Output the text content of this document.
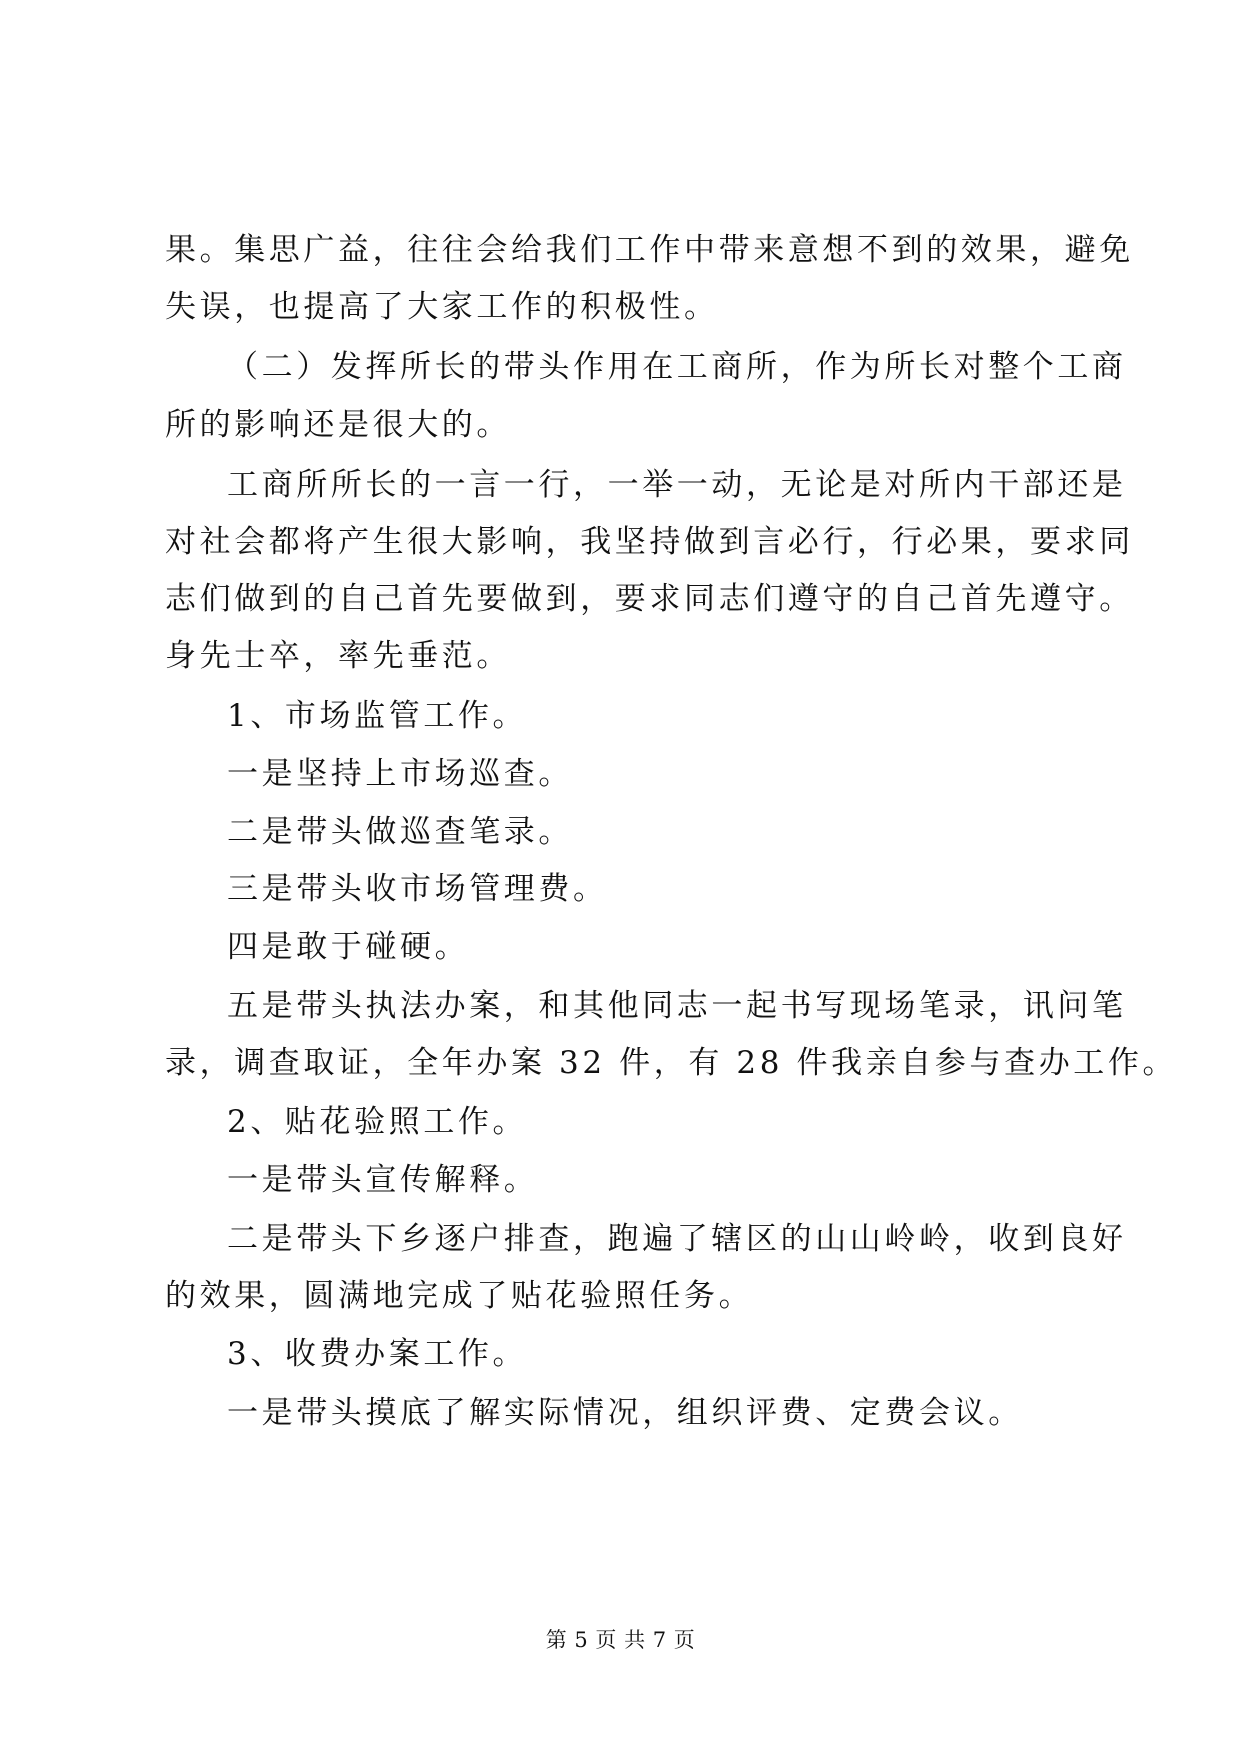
果。集思广益，往往会给我们工作中带来意想不到的效果，避免
失误，也提高了大家工作的积极性。
（二）发挥所长的带头作用在工商所，作为所长对整个工商
所的影响还是很大的。
工商所所长的一言一行，一举一动，无论是对所内干部还是
对社会都将产生很大影响，我坚持做到言必行，行必果，要求同
志们做到的自己首先要做到，要求同志们遵守的自己首先遵守。
身先士卒，率先垂范。
1、市场监管工作。
一是坚持上市场巡查。
二是带头做巡查笔录。
三是带头收市场管理费。
四是敢于碰硬。
五是带头执法办案，和其他同志一起书写现场笔录，讯问笔
录，调查取证，全年办案 32 件，有 28 件我亲自参与查办工作。
2、贴花验照工作。
一是带头宣传解释。
二是带头下乡逐户排查，跑遍了辖区的山山岭岭，收到良好
的效果，圆满地完成了贴花验照任务。
3、收费办案工作。
一是带头摸底了解实际情况，组织评费、定费会议。
第 5 页 共 7 页
